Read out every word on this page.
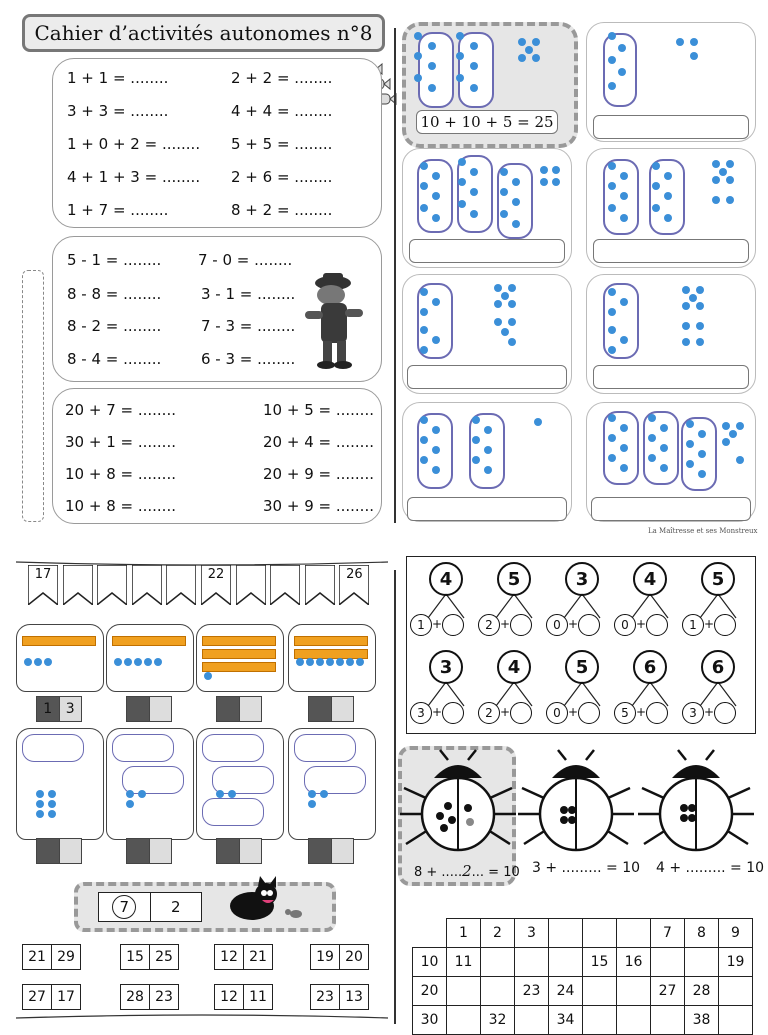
Cahier d’activités autonomes n°8
1 + 1 = ........	2 + 2 = ........
3 + 3 = ........	4 + 4 = ........
1 + 0 + 2 = ........ 5 + 5 = ........
4 + 1 + 3 = ........ 2 + 6 = ........
1 + 7 = ........	8 + 2 = ........
5 - 1 = ........ 7 - 0 = ........
8 - 8 = ........	3 - 1 = ........
8 - 2 = ........	7 - 3 = ........
8 - 4 = ........	6 - 3 = ........
20 + 7 = ........	10 + 5 = ........
30 + 1 = ........	20 + 4 = ........
10 + 8 = ........	20 + 9 = ........
10 + 8 = ........	30 + 9 = ........
10 + 10 + 5 = 25
La Maîtresse et ses Monstreux
17	22	26
1 3
7	2
21 29	15 25	12 21	19 20
27 17	28 23	12 11	23 13
4
1 +
5
2 +
3
0 +
4
0 +
5
1 +
3
3 +
4
2 +
5
0 +
6
5 +
6
3 +
8 + .....2... = 10 3 + ......... = 10 4 + ......... = 10
	1	2	3				7	8	9
10	11				15	16			19
20			23	24			27	28	
30		32		34				38	
